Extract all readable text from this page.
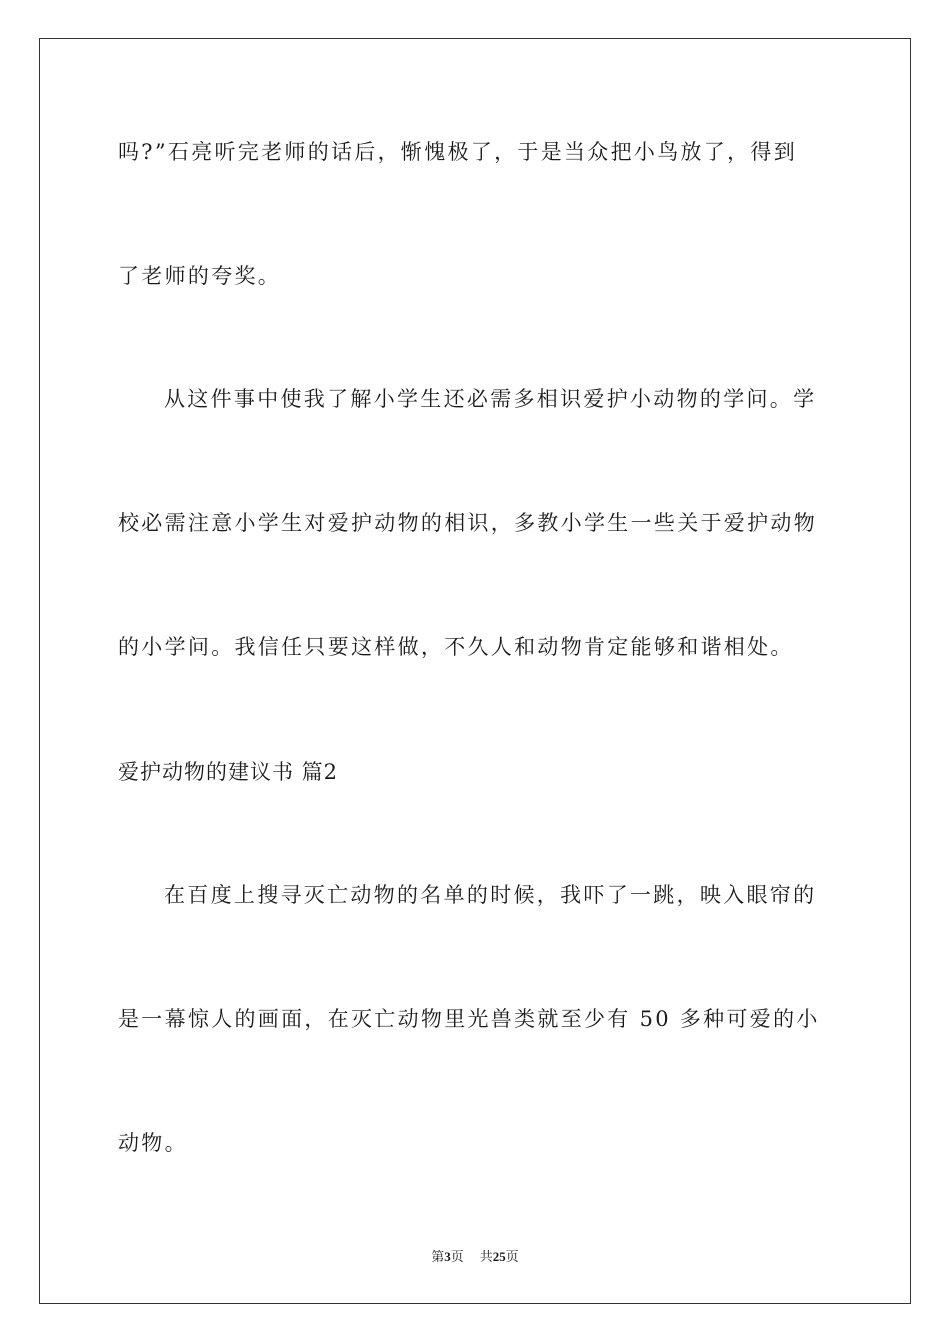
吗?”石亮听完老师的话后，惭愧极了，于是当众把小鸟放了，得到
了老师的夸奖。
从这件事中使我了解小学生还必需多相识爱护小动物的学问。学
校必需注意小学生对爱护动物的相识，多教小学生一些关于爱护动物
的小学问。我信任只要这样做，不久人和动物肯定能够和谐相处。
爱护动物的建议书 篇2
在百度上搜寻灭亡动物的名单的时候，我吓了一跳，映入眼帘的
是一幕惊人的画面，在灭亡动物里光兽类就至少有 50 多种可爱的小
动物。
第3页 共25页
